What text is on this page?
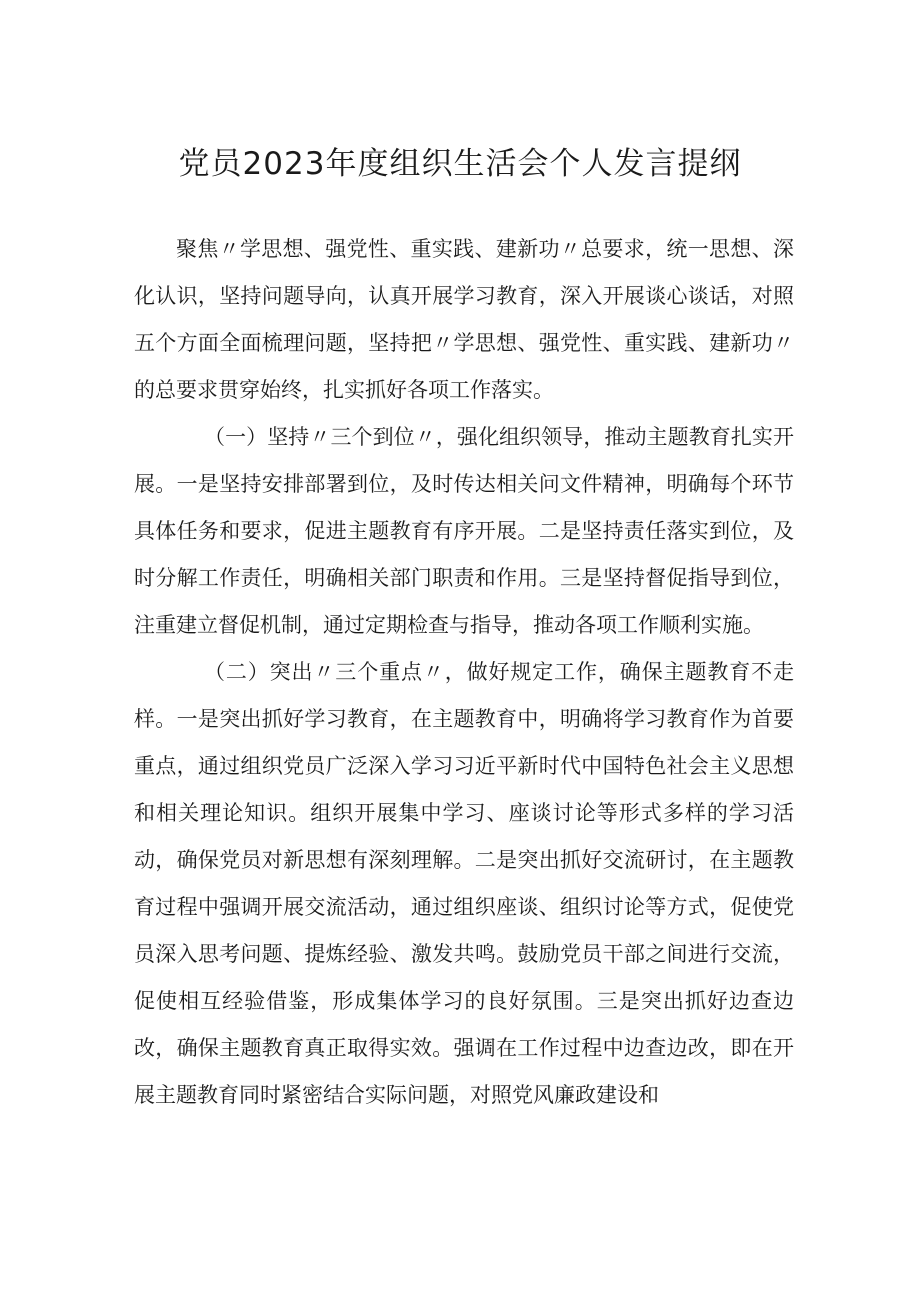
党员2023年度组织生活会个人发言提纲

聚焦〃学思想、强党性、重实践、建新功〃总要求，统一思想、深化认识，坚持问题导向，认真开展学习教育，深入开展谈心谈话，对照五个方面全面梳理问题，坚持把〃学思想、强党性、重实践、建新功〃的总要求贯穿始终，扎实抓好各项工作落实。

（一）坚持〃三个到位〃，强化组织领导，推动主题教育扎实开展。一是坚持安排部署到位，及时传达相关问文件精神，明确每个环节具体任务和要求，促进主题教育有序开展。二是坚持责任落实到位，及时分解工作责任，明确相关部门职责和作用。三是坚持督促指导到位，注重建立督促机制，通过定期检查与指导，推动各项工作顺利实施。

（二）突出〃三个重点〃，做好规定工作，确保主题教育不走样。一是突出抓好学习教育，在主题教育中，明确将学习教育作为首要重点，通过组织党员广泛深入学习习近平新时代中国特色社会主义思想和相关理论知识。组织开展集中学习、座谈讨论等形式多样的学习活动，确保党员对新思想有深刻理解。二是突出抓好交流研讨，在主题教育过程中强调开展交流活动，通过组织座谈、组织讨论等方式，促使党员深入思考问题、提炼经验、激发共鸣。鼓励党员干部之间进行交流，促使相互经验借鉴，形成集体学习的良好氛围。三是突出抓好边查边改，确保主题教育真正取得实效。强调在工作过程中边查边改，即在开展主题教育同时紧密结合实际问题，对照党风廉政建设和
